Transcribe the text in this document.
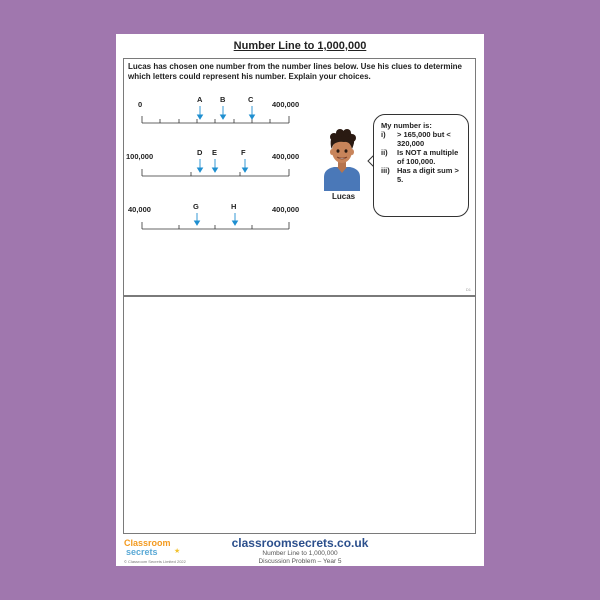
Number Line to 1,000,000
Lucas has chosen one number from the number lines below. Use his clues to determine which letters could represent his number. Explain your choices.
0	400,000
A B	C
100,000	400,000
D E	F
40,000	400,000
G	H
Lucas
My number is:
i)	> 165,000 but < 320,000
ii)	Is NOT a multiple of 100,000.
iii) Has a digit sum > 5.
D1
Classroom
secrets ★
© Classroom Secrets Limited 2022
classroomsecrets.co.uk
Number Line to 1,000,000
Discussion Problem – Year 5
